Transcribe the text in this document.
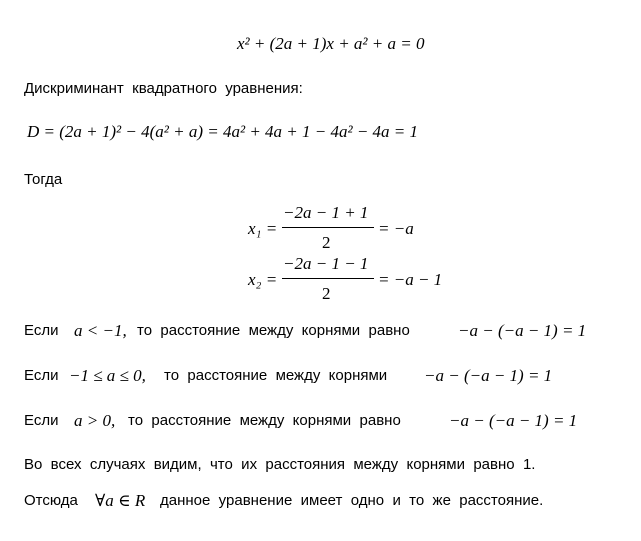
x² + (2a + 1)x + a² + a = 0
Дискриминант  квадратного  уравнения:
D = (2a + 1)² − 4(a² + a) = 4a² + 4a + 1 − 4a² − 4a = 1
Тогда
x₁ =
−2a − 1 + 1
2
= −a
x₂ =
−2a − 1 − 1
2
= −a − 1
Если a < −1, то  расстояние  между  корнями  равно	−a − (−a − 1) = 1
Если −1 ≤ a ≤ 0, то  расстояние  между  корнями −a − (−a − 1) = 1
Если a > 0, то  расстояние  между  корнями  равно	−a − (−a − 1) = 1
Во  всех  случаях  видим,  что  их  расстояния  между  корнями  равно  1.
Отсюда ∀a ∈ R данное  уравнение  имеет  одно  и  то  же  расстояние.
